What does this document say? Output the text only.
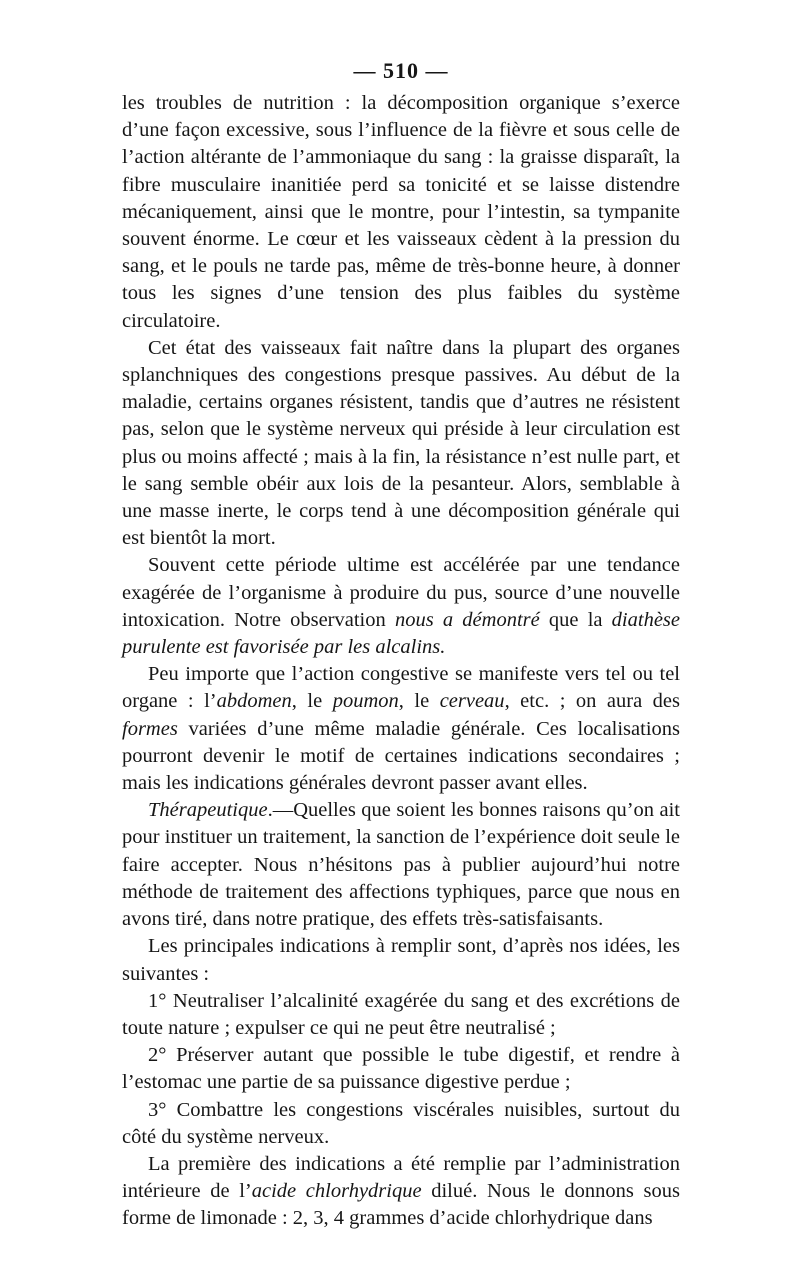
— 510 —

les troubles de nutrition : la décomposition organique s’exerce d’une façon excessive, sous l’influence de la fièvre et sous celle de l’action altérante de l’ammoniaque du sang : la graisse disparaît, la fibre musculaire inanitiée perd sa tonicité et se laisse distendre mécaniquement, ainsi que le montre, pour l’intestin, sa tympanite souvent énorme. Le cœur et les vaisseaux cèdent à la pression du sang, et le pouls ne tarde pas, même de très-bonne heure, à donner tous les signes d’une tension des plus faibles du système circulatoire.

Cet état des vaisseaux fait naître dans la plupart des organes splanchniques des congestions presque passives. Au début de la maladie, certains organes résistent, tandis que d’autres ne résistent pas, selon que le système nerveux qui préside à leur circulation est plus ou moins affecté ; mais à la fin, la résistance n’est nulle part, et le sang semble obéir aux lois de la pesanteur. Alors, semblable à une masse inerte, le corps tend à une décomposition générale qui est bientôt la mort.

Souvent cette période ultime est accélérée par une tendance exagérée de l’organisme à produire du pus, source d’une nouvelle intoxication. Notre observation nous a démontré que la diathèse purulente est favorisée par les alcalins.

Peu importe que l’action congestive se manifeste vers tel ou tel organe : l’abdomen, le poumon, le cerveau, etc. ; on aura des formes variées d’une même maladie générale. Ces localisations pourront devenir le motif de certaines indications secondaires ; mais les indications générales devront passer avant elles.

Thérapeutique.—Quelles que soient les bonnes raisons qu’on ait pour instituer un traitement, la sanction de l’expérience doit seule le faire accepter. Nous n’hésitons pas à publier aujourd’hui notre méthode de traitement des affections typhiques, parce que nous en avons tiré, dans notre pratique, des effets très-satisfaisants.

Les principales indications à remplir sont, d’après nos idées, les suivantes :

1° Neutraliser l’alcalinité exagérée du sang et des excrétions de toute nature ; expulser ce qui ne peut être neutralisé ;

2° Préserver autant que possible le tube digestif, et rendre à l’estomac une partie de sa puissance digestive perdue ;

3° Combattre les congestions viscérales nuisibles, surtout du côté du système nerveux.

La première des indications a été remplie par l’administration intérieure de l’acide chlorhydrique dilué. Nous le donnons sous forme de limonade : 2, 3, 4 grammes d’acide chlorhydrique dans
